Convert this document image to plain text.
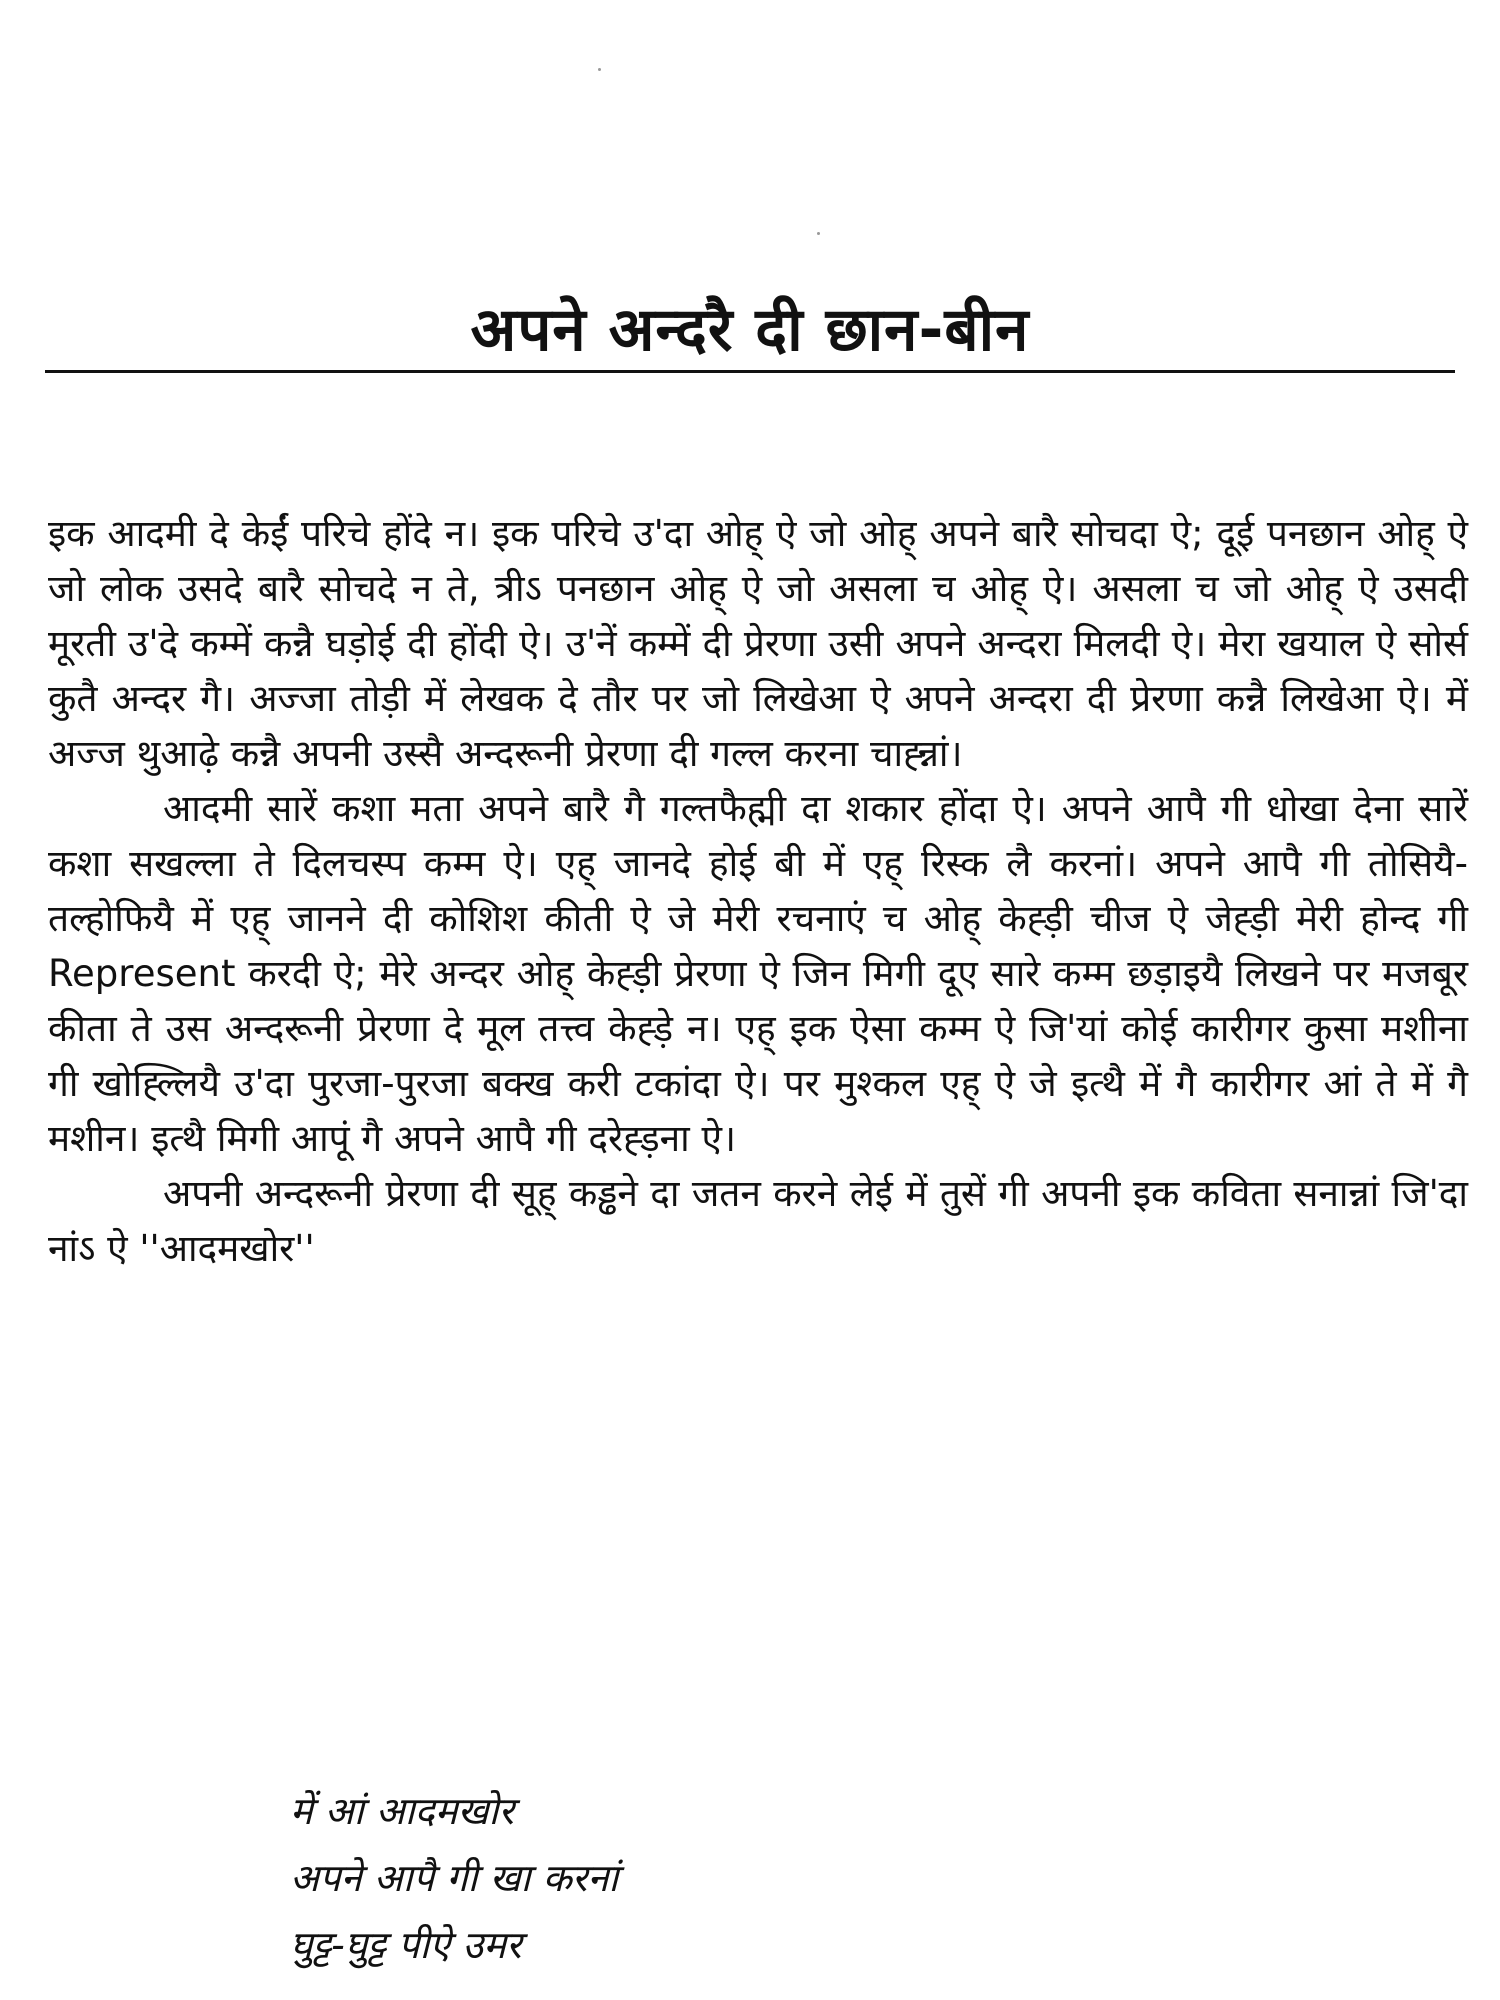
अपने अन्दरै दी छान-बीन

इक आदमी दे केईं परिचे होंदे न। इक परिचे उ'दा ओह् ऐ जो ओह् अपने बारै सोचदा ऐ; दूई पनछान ओह् ऐ जो लोक उसदे बारै सोचदे न ते, त्रीऽ पनछान ओह् ऐ जो असला च ओह् ऐ। असला च जो ओह् ऐ उसदी मूरती उ'दे कम्में कन्नै घड़ोई दी होंदी ऐ। उ'नें कम्में दी प्रेरणा उसी अपने अन्दरा मिलदी ऐ। मेरा खयाल ऐ सोर्स कुतै अन्दर गै। अज्जा तोड़ी में लेखक दे तौर पर जो लिखेआ ऐ अपने अन्दरा दी प्रेरणा कन्नै लिखेआ ऐ। में अज्ज थुआढ़े कन्नै अपनी उस्सै अन्दरूनी प्रेरणा दी गल्ल करना चाह्न्नां।

आदमी सारें कशा मता अपने बारै गै गल्तफैह्मी दा शकार होंदा ऐ। अपने आपै गी धोखा देना सारें कशा सखल्ला ते दिलचस्प कम्म ऐ। एह् जानदे होई बी में एह् रिस्क लै करनां। अपने आपै गी तोसियै-तल्होफियै में एह् जानने दी कोशिश कीती ऐ जे मेरी रचनाएं च ओह् केह्ड़ी चीज ऐ जेह्ड़ी मेरी होन्द गी Represent करदी ऐ; मेरे अन्दर ओह् केह्ड़ी प्रेरणा ऐ जिन मिगी दूए सारे कम्म छड़ाइयै लिखने पर मजबूर कीता ते उस अन्दरूनी प्रेरणा दे मूल तत्त्व केह्ड़े न। एह् इक ऐसा कम्म ऐ जि'यां कोई कारीगर कुसा मशीना गी खोह्ल्लियै उ'दा पुरजा-पुरजा बक्ख करी टकांदा ऐ। पर मुश्कल एह् ऐ जे इत्थै में गै कारीगर आं ते में गै मशीन। इत्थै मिगी आपूं गै अपने आपै गी दरेह्ड़ना ऐ।

अपनी अन्दरूनी प्रेरणा दी सूह् कड्ढने दा जतन करने लेई में तुसें गी अपनी इक कविता सनान्नां जि'दा नांऽ ऐ ''आदमखोर''

में आं आदमखोर
अपने आपै गी खा करनां
घुट्ट-घुट्ट पीऐ उमर
